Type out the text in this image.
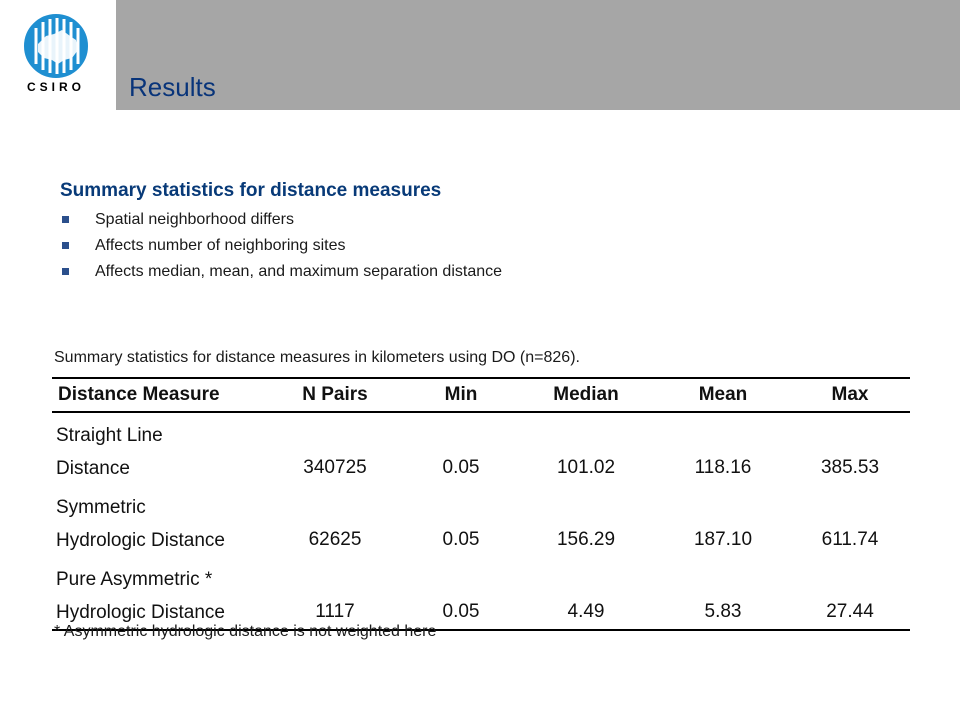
CSIRO Results
Summary statistics for distance measures
Spatial neighborhood differs
Affects number of neighboring sites
Affects median, mean, and maximum separation distance
Summary statistics for distance measures in kilometers using DO (n=826).
Distance Measure	N Pairs	Min	Median	Mean	Max
Straight Line
Distance	340725	0.05	101.02	118.16	385.53
Symmetric
Hydrologic Distance	62625	0.05	156.29	187.10	611.74
Pure Asymmetric *
Hydrologic Distance	1117	0.05	4.49	5.83	27.44
* Asymmetric hydrologic distance is not weighted here
